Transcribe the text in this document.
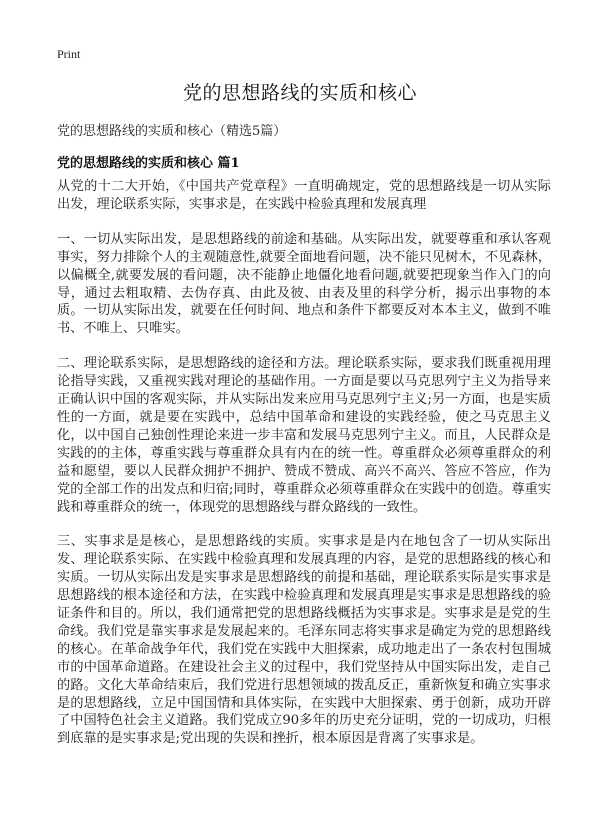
Print
党的思想路线的实质和核心
党的思想路线的实质和核心（精选5篇）
党的思想路线的实质和核心 篇1

从党的十二大开始，《中国共产党章程》一直明确规定，党的思想路线是一切从实际出发，理论联系实际，实事求是，在实践中检验真理和发展真理

一、一切从实际出发，是思想路线的前途和基础。从实际出发，就要尊重和承认客观事实，努力排除个人的主观随意性,就要全面地看问题，决不能只见树木，不见森林，以偏概全,就要发展的看问题，决不能静止地僵化地看问题,就要把现象当作入门的向导，通过去粗取精、去伪存真、由此及彼、由表及里的科学分析，揭示出事物的本质。一切从实际出发，就要在任何时间、地点和条件下都要反对本本主义，做到不唯书、不唯上、只唯实。

二、理论联系实际，是思想路线的途径和方法。理论联系实际，要求我们既重视用理论指导实践，又重视实践对理论的基础作用。一方面是要以马克思列宁主义为指导来正确认识中国的客观实际，并从实际出发来应用马克思列宁主义;另一方面，也是实质性的一方面，就是要在实践中，总结中国革命和建设的实践经验，使之马克思主义化，以中国自己独创性理论来进一步丰富和发展马克思列宁主义。而且，人民群众是实践的的主体，尊重实践与尊重群众具有内在的统一性。尊重群众必须尊重群众的利益和愿望，要以人民群众拥护不拥护、赞成不赞成、高兴不高兴、答应不答应，作为党的全部工作的出发点和归宿;同时，尊重群众必须尊重群众在实践中的创造。尊重实践和尊重群众的统一，体现党的思想路线与群众路线的一致性。

三、实事求是是核心，是思想路线的实质。实事求是是内在地包含了一切从实际出发、理论联系实际、在实践中检验真理和发展真理的内容，是党的思想路线的核心和实质。一切从实际出发是实事求是思想路线的前提和基础，理论联系实际是实事求是思想路线的根本途径和方法，在实践中检验真理和发展真理是实事求是思想路线的验证条件和目的。所以，我们通常把党的思想路线概括为实事求是。实事求是是党的生命线。我们党是靠实事求是发展起来的。毛泽东同志将实事求是确定为党的思想路线的核心。在革命战争年代，我们党在实践中大胆探索，成功地走出了一条农村包围城市的中国革命道路。在建设社会主义的过程中，我们党坚持从中国实际出发，走自己的路。文化大革命结束后，我们党进行思想领域的拨乱反正，重新恢复和确立实事求是的思想路线，立足中国国情和具体实际，在实践中大胆探索、勇于创新，成功开辟了中国特色社会主义道路。我们党成立90多年的历史充分证明，党的一切成功，归根到底靠的是实事求是;党出现的失误和挫折，根本原因是背离了实事求是。
